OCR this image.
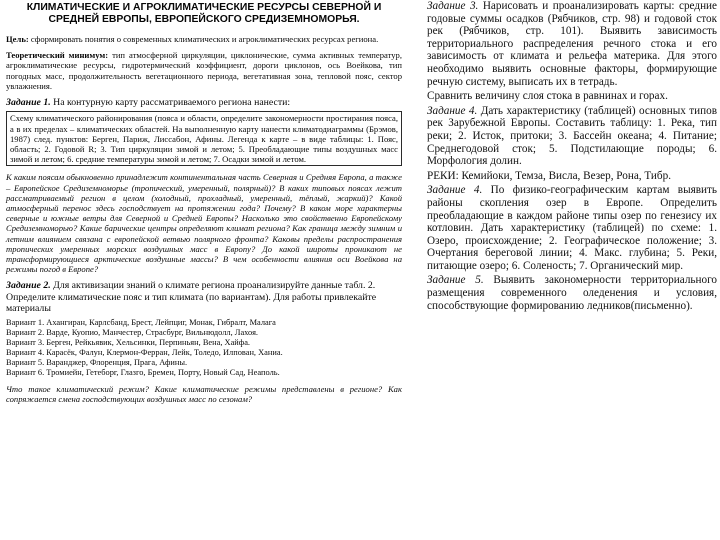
КЛИМАТИЧЕСКИЕ И АГРОКЛИМАТИЧЕСКИЕ РЕСУРСЫ СЕВЕРНОЙ И СРЕДНЕЙ ЕВРОПЫ, ЕВРОПЕЙСКОГО СРЕДИЗЕМНОМОРЬЯ.
Цель: сформировать понятия о современных климатических и агроклиматических ресурсах региона.
Теоретический минимум: тип атмосферной циркуляции, циклонические, сумма активных температур, агроклиматические ресурсы, гидротермический коэффициент, дороги циклонов, ось Воейкова, тип погодных масс, продолжительность вегетационного периода, вегетативная зона, тепловой пояс, сектор увлажнения.
Задание 1. На контурную карту рассматриваемого региона нанести:
Схему климатического районирования (пояса и области, определите закономерности простирания пояса, а в их пределах – климатических областей. На выполненную карту нанести климатодиаграммы (Брэмов, 1987) след. пунктов: Берген, Париж, Лиссабон, Афины. Легенда к карте – в виде таблицы: 1. Пояс, область; 2. Годовой R; 3. Тип циркуляции зимой и летом; 5. Преобладающие типы воздушных масс зимой и летом; 6. средние температуры зимой и летом; 7. Осадки зимой и летом.
К каким поясам обыкновенно принадлежит континентальная часть Северная и Средняя Европа, а также – Европейское Средиземноморье (тропический, умеренный, полярный)? В каких типовых поясах лежит рассматриваемый регион в целом (холодный, прохладный, умеренный, тёплый, жаркий)? Какой атмосферный перенос здесь господствует на протяжении года? Почему? В каком море характерны северные и южные ветры для Северной и Средней Европы? Насколько это свойственно Европейскому Средиземноморью? Какие барические центры определяют климат региона? Как граница между зимним и летним влиянием связана с европейской ветвью полярного фронта? Каковы пределы распространения тропических умеренных морских воздушных масс в Европу? До какой широты проникают не трансформирующиеся арктические воздушные массы? В чем особенности влияния оси Воейкова на режимы погод в Европе?
Задание 2. Для активизации знаний о климате региона проанализируйте данные табл. 2. Определите климатические пояс и тип климата (по вариантам). Для работы привлекайте материалы
Вариант 1. Ахангиран, Карлсбанд, Брест, Лейпциг, Монак, Гибралт, Малага
Вариант 2. Варде, Куопио, Манчестер, Страсбург, Вильнюдолл, Лахоя.
Вариант 3. Берген, Рейкьявик, Хельсинки, Перпиньян, Вена, Хайфа.
Вариант 4. Карасёк, Фалун, Клермон-Ферран, Лейк, Толедо, Илпован, Ханиа.
Вариант 5. Варанджер, Флоренция, Прага, Афины.
Вариант 6. Тромиейн, Гетеборг, Глазго, Бремен, Порту, Новый Сад, Неаполь.
Что такое климатический режим? Какие климатические режимы представлены в регионе? Как сопряжается смена господствующих воздушных масс по сезонам?

Задание 3. Нарисовать и проанализировать карты: средние годовые суммы осадков (Рябчиков, стр. 98) и годовой сток рек (Рябчиков, стр. 101). Выявить зависимость территориального распределения речного стока и его зависимость от климата и рельефа материка. Для этого необходимо выявить основные факторы, формирующие речную систему, выписать их в тетрадь.

Сравнить величину слоя стока в равнинах и горах.

Задание 4. Дать характеристику (таблицей) основных типов рек Зарубежной Европы. Составить таблицу: 1. Река, тип реки; 2. Исток, притоки; 3. Бассейн океана; 4. Питание; Среднегодовой сток; 5. Подстилающие породы; 6. Морфология долин.

РЕКИ: Кемийоки, Темза, Висла, Везер, Рона, Тибр.

Задание 4. По физико-географическим картам выявить районы скопления озер в Европе. Определить преобладающие в каждом районе типы озер по генезису их котловин. Дать характеристику (таблицей) по схеме: 1. Озеро, происхождение; 2. Географическое положение; 3. Очертания береговой линии; 4. Макс. глубина; 5. Реки, питающие озеро; 6. Соленость; 7. Органический мир.

Задание 5. Выявить закономерности территориального размещения современного оледенения и условия, способствующие формированию ледников(письменно).
